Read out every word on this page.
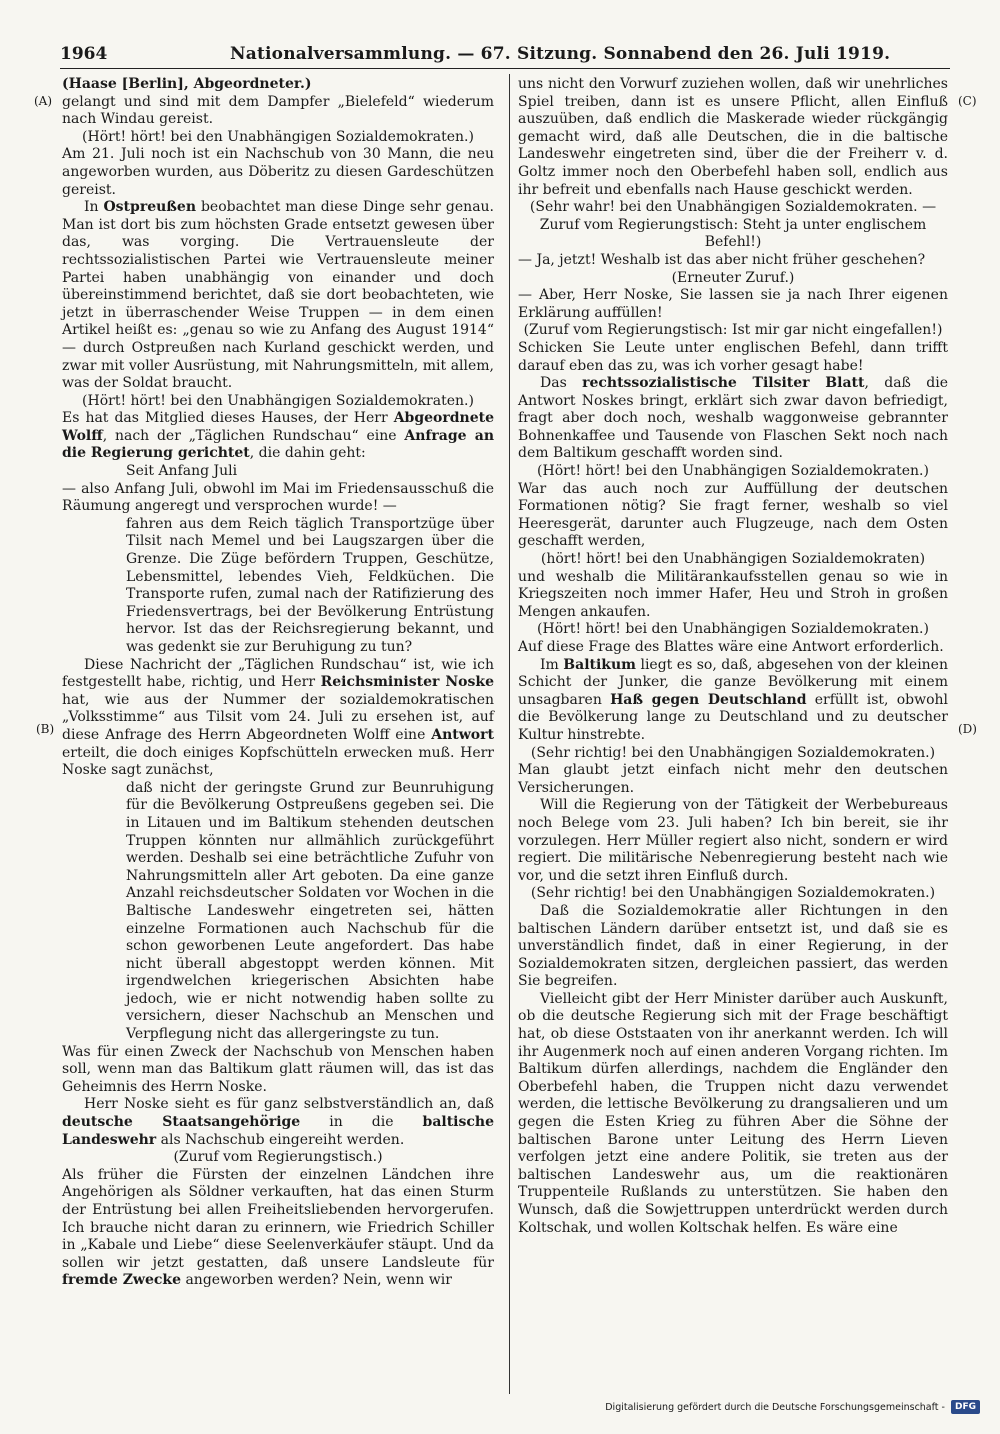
1964	Nationalversammlung. — 67. Sitzung. Sonnabend den 26. Juli 1919.
(A)
(B)
(C)
(D)

(Haase [Berlin], Abgeordneter.)

gelangt und sind mit dem Dampfer „Bielefeld“ wiederum nach Windau gereist.

(Hört! hört! bei den Unabhängigen Sozialdemokraten.)

Am 21. Juli noch ist ein Nachschub von 30 Mann, die neu angeworben wurden, aus Döberitz zu diesen Gardeschützen gereist.

In Ostpreußen beobachtet man diese Dinge sehr genau. Man ist dort bis zum höchsten Grade entsetzt gewesen über das, was vorging. Die Vertrauensleute der rechtssozialistischen Partei wie Vertrauensleute meiner Partei haben unabhängig von einander und doch übereinstimmend berichtet, daß sie dort beobachteten, wie jetzt in überraschender Weise Truppen — in dem einen Artikel heißt es: „genau so wie zu Anfang des August 1914“ — durch Ostpreußen nach Kurland geschickt werden, und zwar mit voller Ausrüstung, mit Nahrungsmitteln, mit allem, was der Soldat braucht.

(Hört! hört! bei den Unabhängigen Sozialdemokraten.)

Es hat das Mitglied dieses Hauses, der Herr Abgeordnete Wolff, nach der „Täglichen Rundschau“ eine Anfrage an die Regierung gerichtet, die dahin geht:

Seit Anfang Juli

— also Anfang Juli, obwohl im Mai im Friedensausschuß die Räumung angeregt und versprochen wurde! —

fahren aus dem Reich täglich Transportzüge über Tilsit nach Memel und bei Laugszargen über die Grenze. Die Züge befördern Truppen, Geschütze, Lebensmittel, lebendes Vieh, Feldküchen. Die Transporte rufen, zumal nach der Ratifizierung des Friedensvertrags, bei der Bevölkerung Entrüstung hervor. Ist das der Reichsregierung bekannt, und was gedenkt sie zur Beruhigung zu tun?

Diese Nachricht der „Täglichen Rundschau“ ist, wie ich festgestellt habe, richtig, und Herr Reichsminister Noske hat, wie aus der Nummer der sozialdemokratischen „Volksstimme“ aus Tilsit vom 24. Juli zu ersehen ist, auf diese Anfrage des Herrn Abgeordneten Wolff eine Antwort erteilt, die doch einiges Kopfschütteln erwecken muß. Herr Noske sagt zunächst,

daß nicht der geringste Grund zur Beunruhigung für die Bevölkerung Ostpreußens gegeben sei. Die in Litauen und im Baltikum stehenden deutschen Truppen könnten nur allmählich zurückgeführt werden. Deshalb sei eine beträchtliche Zufuhr von Nahrungsmitteln aller Art geboten. Da eine ganze Anzahl reichsdeutscher Soldaten vor Wochen in die Baltische Landeswehr eingetreten sei, hätten einzelne Formationen auch Nachschub für die schon geworbenen Leute angefordert. Das habe nicht überall abgestoppt werden können. Mit irgendwelchen kriegerischen Absichten habe jedoch, wie er nicht notwendig haben sollte zu versichern, dieser Nachschub an Menschen und Verpflegung nicht das allergeringste zu tun.

Was für einen Zweck der Nachschub von Menschen haben soll, wenn man das Baltikum glatt räumen will, das ist das Geheimnis des Herrn Noske.

Herr Noske sieht es für ganz selbstverständlich an, daß deutsche Staatsangehörige in die baltische Landeswehr als Nachschub eingereiht werden.

(Zuruf vom Regierungstisch.)

Als früher die Fürsten der einzelnen Ländchen ihre Angehörigen als Söldner verkauften, hat das einen Sturm der Entrüstung bei allen Freiheitsliebenden hervorgerufen. Ich brauche nicht daran zu erinnern, wie Friedrich Schiller in „Kabale und Liebe“ diese Seelenverkäufer stäupt. Und da sollen wir jetzt gestatten, daß unsere Landsleute für fremde Zwecke angeworben werden? Nein, wenn wir

uns nicht den Vorwurf zuziehen wollen, daß wir unehrliches Spiel treiben, dann ist es unsere Pflicht, allen Einfluß auszuüben, daß endlich die Maskerade wieder rückgängig gemacht wird, daß alle Deutschen, die in die baltische Landeswehr eingetreten sind, über die der Freiherr v. d. Goltz immer noch den Oberbefehl haben soll, endlich aus ihr befreit und ebenfalls nach Hause geschickt werden.

(Sehr wahr! bei den Unabhängigen Sozialdemokraten. — Zuruf vom Regierungstisch: Steht ja unter englischem Befehl!)

— Ja, jetzt! Weshalb ist das aber nicht früher geschehen?

(Erneuter Zuruf.)

— Aber, Herr Noske, Sie lassen sie ja nach Ihrer eigenen Erklärung auffüllen!

(Zuruf vom Regierungstisch: Ist mir gar nicht eingefallen!)

Schicken Sie Leute unter englischen Befehl, dann trifft darauf eben das zu, was ich vorher gesagt habe!

Das rechtssozialistische Tilsiter Blatt, daß die Antwort Noskes bringt, erklärt sich zwar davon befriedigt, fragt aber doch noch, weshalb waggonweise gebrannter Bohnenkaffee und Tausende von Flaschen Sekt noch nach dem Baltikum geschafft worden sind.

(Hört! hört! bei den Unabhängigen Sozialdemokraten.)

War das auch noch zur Auffüllung der deutschen Formationen nötig? Sie fragt ferner, weshalb so viel Heeresgerät, darunter auch Flugzeuge, nach dem Osten geschafft werden,

(hört! hört! bei den Unabhängigen Sozialdemokraten)

und weshalb die Militärankaufsstellen genau so wie in Kriegszeiten noch immer Hafer, Heu und Stroh in großen Mengen ankaufen.

(Hört! hört! bei den Unabhängigen Sozialdemokraten.)

Auf diese Frage des Blattes wäre eine Antwort erforderlich.

Im Baltikum liegt es so, daß, abgesehen von der kleinen Schicht der Junker, die ganze Bevölkerung mit einem unsagbaren Haß gegen Deutschland erfüllt ist, obwohl die Bevölkerung lange zu Deutschland und zu deutscher Kultur hinstrebte.

(Sehr richtig! bei den Unabhängigen Sozialdemokraten.)

Man glaubt jetzt einfach nicht mehr den deutschen Versicherungen.

Will die Regierung von der Tätigkeit der Werbebureaus noch Belege vom 23. Juli haben? Ich bin bereit, sie ihr vorzulegen. Herr Müller regiert also nicht, sondern er wird regiert. Die militärische Nebenregierung besteht nach wie vor, und die setzt ihren Einfluß durch.

(Sehr richtig! bei den Unabhängigen Sozialdemokraten.)

Daß die Sozialdemokratie aller Richtungen in den baltischen Ländern darüber entsetzt ist, und daß sie es unverständlich findet, daß in einer Regierung, in der Sozialdemokraten sitzen, dergleichen passiert, das werden Sie begreifen.

Vielleicht gibt der Herr Minister darüber auch Auskunft, ob die deutsche Regierung sich mit der Frage beschäftigt hat, ob diese Oststaaten von ihr anerkannt werden. Ich will ihr Augenmerk noch auf einen anderen Vorgang richten. Im Baltikum dürfen allerdings, nachdem die Engländer den Oberbefehl haben, die Truppen nicht dazu verwendet werden, die lettische Bevölkerung zu drangsalieren und um gegen die Esten Krieg zu führen Aber die Söhne der baltischen Barone unter Leitung des Herrn Lieven verfolgen jetzt eine andere Politik, sie treten aus der baltischen Landeswehr aus, um die reaktionären Truppenteile Rußlands zu unterstützen. Sie haben den Wunsch, daß die Sowjettruppen unterdrückt werden durch Koltschak, und wollen Koltschak helfen. Es wäre eine

Digitalisierung gefördert durch die Deutsche Forschungsgemeinschaft -	DFG
